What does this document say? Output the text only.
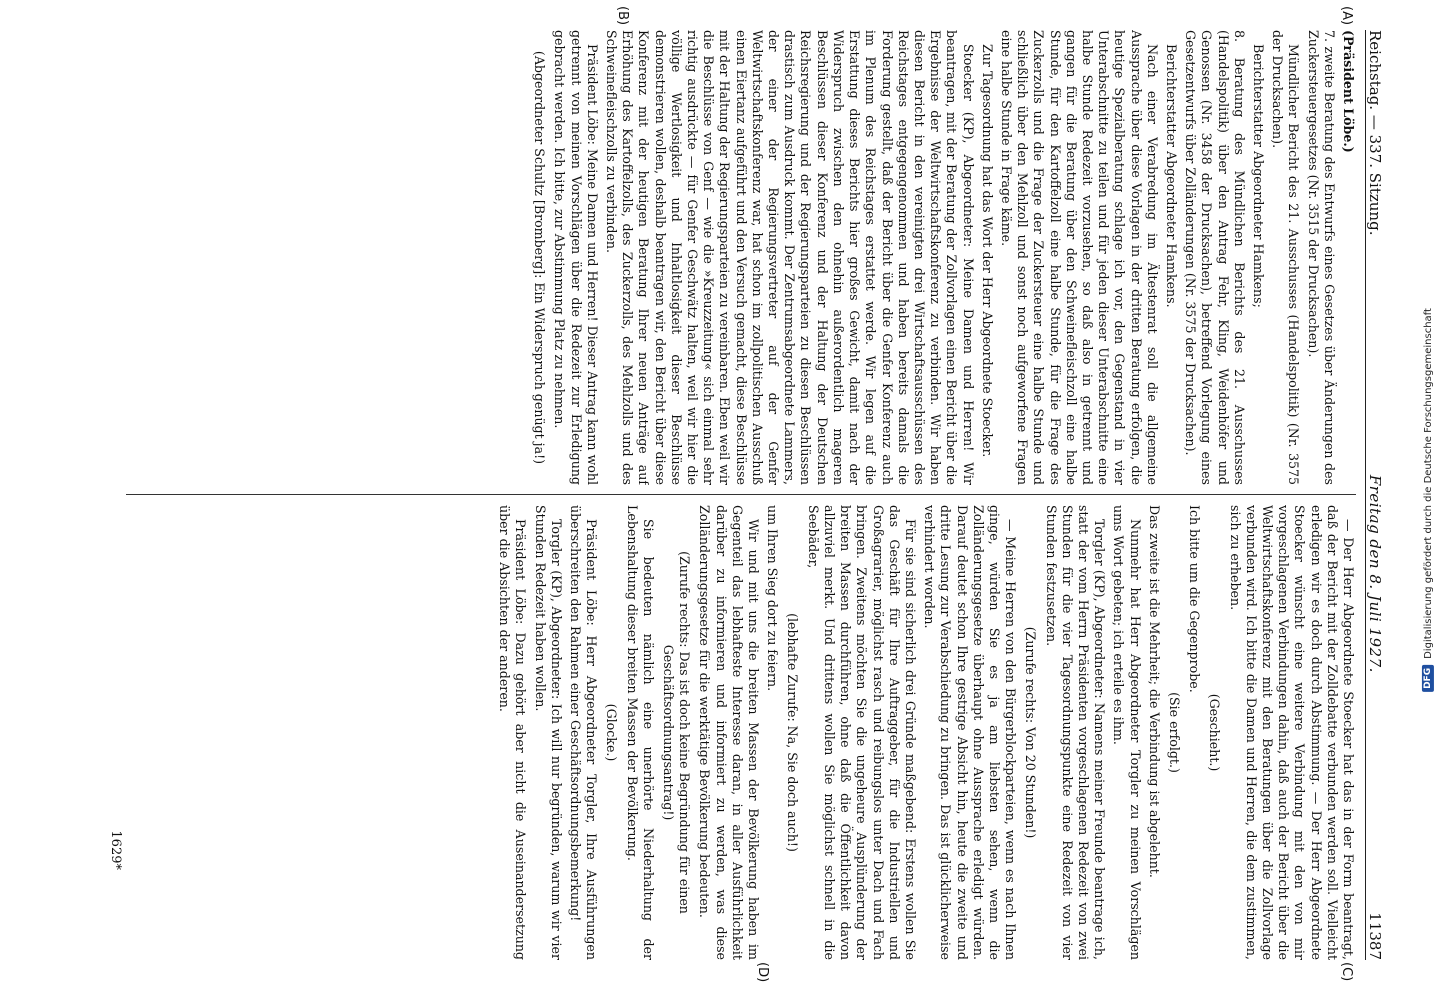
Reichstag. — 337. Sitzung.
Freitag den 8. Juli 1927.
11387
(A)
(B)
(C)
(D)

(Präsident Löbe.)

7. zweite Beratung des Entwurfs eines Gesetzes über Änderungen des Zuckersteuergesetzes (Nr. 3515 der Drucksachen).

Mündlicher Bericht des 21. Ausschusses (Handelspolitik) (Nr. 3575 der Drucksachen).

Berichterstatter Abgeordneter Hamkens;

8. Beratung des Mündlichen Berichts des 21. Ausschusses (Handelspolitik) über den Antrag Fehr, Kling, Weidenhöfer und Genossen (Nr. 3458 der Drucksachen), betreffend Vorlegung eines Gesetzentwurfs über Zolländerungen (Nr. 3575 der Drucksachen).

Berichterstatter Abgeordneter Hamkens.

Nach einer Verabredung im Ältestenrat soll die allgemeine Aussprache über diese Vorlagen in der dritten Beratung erfolgen, die heutige Spezialberatung schlage ich vor, den Gegenstand in vier Unterabschnitte zu teilen und für jeden dieser Unterabschnitte eine halbe Stunde Redezeit vorzusehen, so daß also in getrennt und gangen für die Beratung über den Schweinefleischzoll eine halbe Stunde, für den Kartoffelzoll eine halbe Stunde, für die Frage des Zuckerzolls und die Frage der Zuckersteuer eine halbe Stunde und schließlich über den Mehlzoll und sonst noch aufgeworfene Fragen eine halbe Stunde in Frage käme.

Zur Tagesordnung hat das Wort der Herr Abgeordnete Stoecker.

Stoecker (KP), Abgeordneter: Meine Damen und Herren! Wir beantragen, mit der Beratung der Zollvorlagen einen Bericht über die Ergebnisse der Weltwirtschaftskonferenz zu verbinden. Wir haben diesen Bericht in den vereinigten drei Wirtschaftsausschüssen des Reichstages entgegengenommen und haben bereits damals die Forderung gestellt, daß der Bericht über die Genfer Konferenz auch im Plenum des Reichstages erstattet werde. Wir legen auf die Erstattung dieses Berichts hier großes Gewicht, damit nach der Widerspruch zwischen den ohnehin außerordentlich mageren Beschlüssen dieser Konferenz und der Haltung der Deutschen Reichsregierung und der Regierungsparteien zu diesen Beschlüssen drastisch zum Ausdruck kommt. Der Zentrumsabgeordnete Lammers, der einer der Regierungsvertreter auf der Genfer Weltwirtschaftskonferenz war, hat schon im zollpolitischen Ausschuß einen Eiertanz aufgeführt und den Versuch gemacht, diese Beschlüsse mit der Haltung der Regierungsparteien zu vereinbaren. Eben weil wir die Beschlüsse von Genf — wie die »Kreuzzeitung« sich einmal sehr richtig ausdrückte — für Genfer Geschwätz halten, weil wir hier die völlige Wertlosigkeit und Inhaltlosigkeit dieser Beschlüsse demonstrieren wollen, deshalb beantragen wir, den Bericht über diese Konferenz mit der heutigen Beratung Ihrer neuen Anträge auf Erhöhung des Kartoffelzolls, des Zuckerzolls, des Mehlzolls und des Schweinefleischzolls zu verbinden.

Präsident Löbe: Meine Damen und Herren! Dieser Antrag kann wohl getrennt von meinen Vorschlägen über die Redezeit zur Erledigung gebracht werden. Ich bitte, zur Abstimmung Platz zu nehmen.

(Abgeordneter Schultz [Bromberg]: Ein Widerspruch genügt ja!)

— Der Herr Abgeordnete Stoecker hat das in der Form beantragt, daß der Bericht mit der Zolldebatte verbunden werden soll. Vielleicht erledigen wir es doch durch Abstimmung. — Der Herr Abgeordnete Stoecker wünscht eine weitere Verbindung mit den von mir vorgeschlagenen Verbindungen dahin, daß auch der Bericht über die Weltwirtschaftskonferenz mit den Beratungen über die Zollvorlage verbunden wird. Ich bitte die Damen und Herren, die dem zustimmen, sich zu erheben.

(Geschieht.)

Ich bitte um die Gegenprobe.

(Sie erfolgt.)

Das zweite ist die Mehrheit; die Verbindung ist abgelehnt.

Nunmehr hat Herr Abgeordneter Torgler zu meinen Vorschlägen ums Wort gebeten; ich erteile es ihm.

Torgler (KP), Abgeordneter: Namens meiner Freunde beantrage ich, statt der vom Herrn Präsidenten vorgeschlagenen Redezeit von zwei Stunden für die vier Tagesordnungspunkte eine Redezeit von vier Stunden festzusetzen.

(Zurufe rechts: Von 20 Stunden!)

— Meine Herren von den Bürgerblockparteien, wenn es nach Ihnen ginge, würden Sie es ja am liebsten sehen, wenn die Zolländerungsgesetze überhaupt ohne Aussprache erledigt würden. Darauf deutet schon Ihre gestrige Absicht hin, heute die zweite und dritte Lesung zur Verabschiedung zu bringen. Das ist glücklicherweise verhindert worden.

Für sie sind sicherlich drei Gründe maßgebend: Erstens wollen Sie das Geschäft für Ihre Auftraggeber, für die Industriellen und Großagrarier, möglichst rasch und reibungslos unter Dach und Fach bringen. Zweitens möchten Sie die ungeheure Ausplünderung der breiten Massen durchführen, ohne daß die Öffentlichkeit davon allzuviel merkt. Und drittens wollen Sie möglichst schnell in die Seebäder,

(lebhafte Zurufe: Na, Sie doch auch!)

um Ihren Sieg dort zu feiern.

Wir und mit uns die breiten Massen der Bevölkerung haben im Gegenteil das lebhafteste Interesse daran, in aller Ausführlichkeit darüber zu informieren und informiert zu werden, was diese Zolländerungsgesetze für die werktätige Bevölkerung bedeuten.

(Zurufe rechts: Das ist doch keine Begründung für einen Geschäftsordnungsantrag!)

Sie bedeuten nämlich eine unerhörte Niederhaltung der Lebenshaltung dieser breiten Massen der Bevölkerung.

(Glocke.)

Präsident Löbe: Herr Abgeordneter Torgler, Ihre Ausführungen überschreiten den Rahmen einer Geschäftsordnungsbemerkung!

Torgler (KP), Abgeordneter: Ich will nur begründen, warum wir vier Stunden Redezeit haben wollen.

Präsident Löbe: Dazu gehört aber nicht die Auseinandersetzung über die Absichten der anderen.

1629*
DFG
Digitalisierung gefördert durch die Deutsche Forschungsgemeinschaft
